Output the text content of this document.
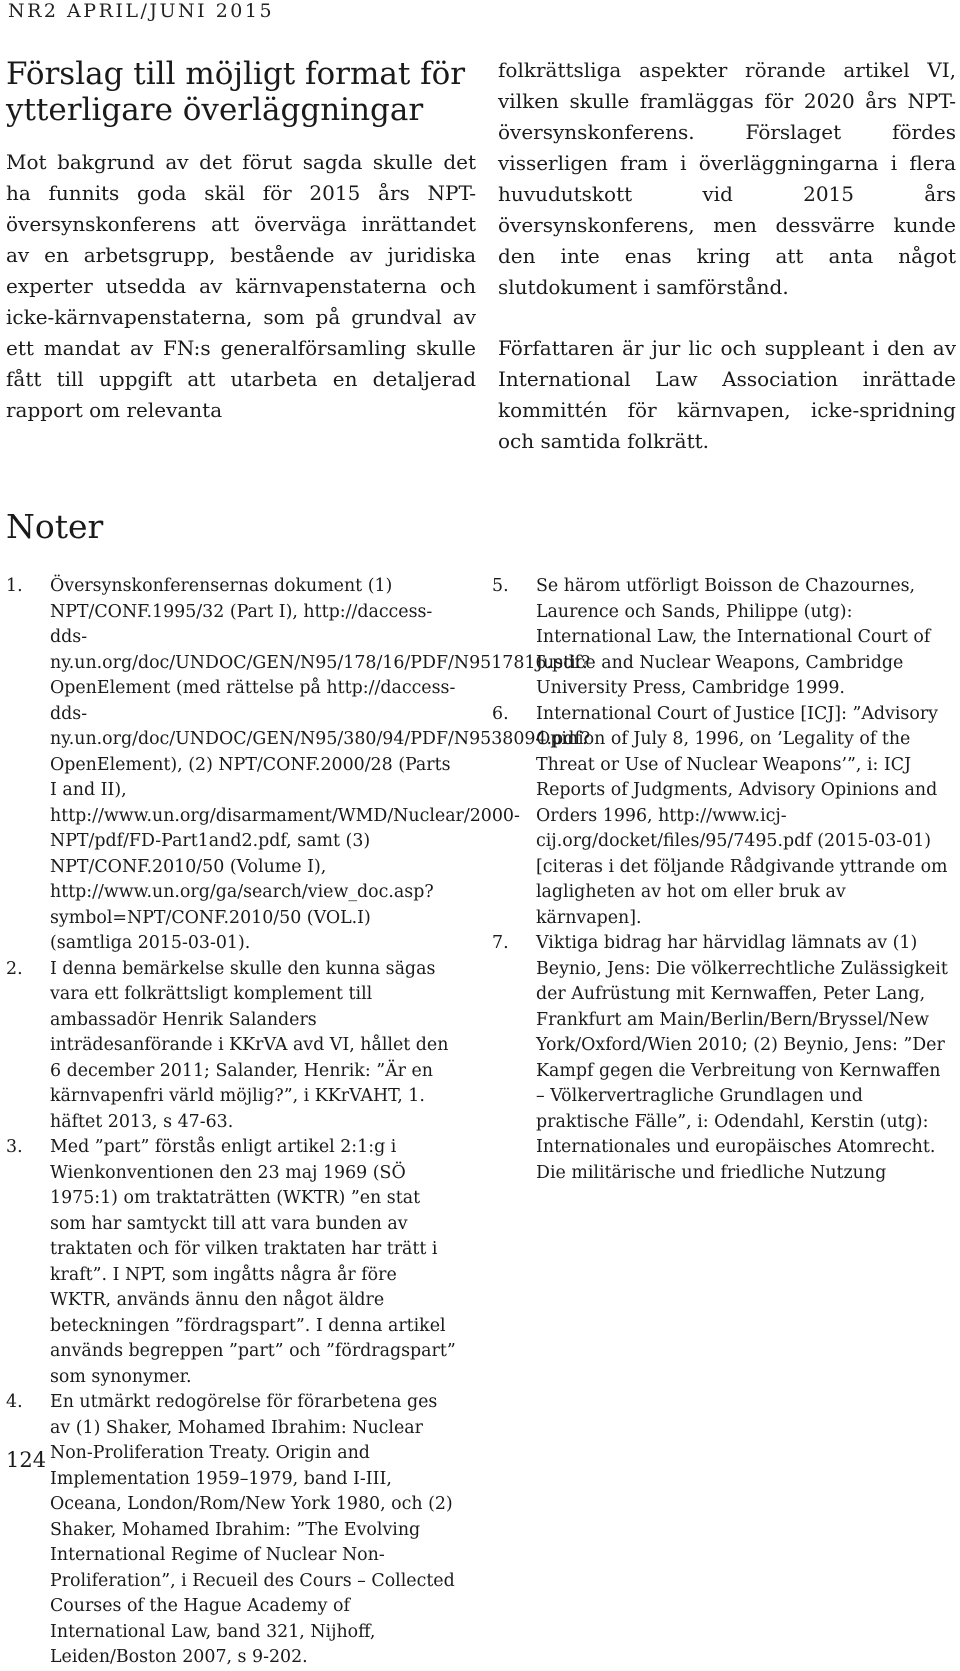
NR2 APRIL/JUNI 2015
Förslag till möjligt format för
ytterligare överläggningar

Mot bakgrund av det förut sagda skulle det ha funnits goda skäl för 2015 års NPT-översynskonferens att överväga inrättandet av en arbetsgrupp, bestående av juridiska experter utsedda av kärnvapenstaterna och icke-kärnvapenstaterna, som på grundval av ett mandat av FN:s generalförsamling skulle fått till uppgift att utarbeta en detaljerad rapport om relevanta

folkrättsliga aspekter rörande artikel VI, vilken skulle framläggas för 2020 års NPT-översynskonferens. Förslaget fördes visserligen fram i överläggningarna i flera huvudutskott vid 2015 års översynskonferens, men dessvärre kunde den inte enas kring att anta något slutdokument i samförstånd.

Författaren är jur lic och suppleant i den av International Law Association inrättade kommittén för kärnvapen, icke-spridning och samtida folkrätt.

Noter
1. Översynskonferensernas dokument (1) NPT/CONF.1995/32 (Part I), http://daccess-dds-ny.un.org/doc/UNDOC/GEN/N95/178/16/PDF/N9517816.pdf?OpenElement (med rättelse på http://daccess-dds-ny.un.org/doc/UNDOC/GEN/N95/380/94/PDF/N9538094.pdf?OpenElement), (2) NPT/CONF.2000/28 (Parts I and II), http://www.un.org/disarmament/WMD/Nuclear/2000-NPT/pdf/FD-Part1and2.pdf, samt (3) NPT/CONF.2010/50 (Volume I), http://www.un.org/ga/search/view_doc.asp?symbol=NPT/CONF.2010/50 (VOL.I) (samtliga 2015-03-01).
2. I denna bemärkelse skulle den kunna sägas vara ett folkrättsligt komplement till ambassadör Henrik Salanders inträdesanförande i KKrVA avd VI, hållet den 6 december 2011; Salander, Henrik: ”Är en kärnvapenfri värld möjlig?”, i KKrVAHT, 1. häftet 2013, s 47-63.
3. Med ”part” förstås enligt artikel 2:1:g i Wienkonventionen den 23 maj 1969 (SÖ 1975:1) om traktaträtten (WKTR) ”en stat som har samtyckt till att vara bunden av traktaten och för vilken traktaten har trätt i kraft”. I NPT, som ingåtts några år före WKTR, används ännu den något äldre beteckningen ”fördragspart”. I denna artikel används begreppen ”part” och ”fördragspart” som synonymer.
4. En utmärkt redogörelse för förarbetena ges av (1) Shaker, Mohamed Ibrahim: Nuclear Non-Proliferation Treaty. Origin and Implementation 1959–1979, band I-III, Oceana, London/Rom/New York 1980, och (2) Shaker, Mohamed Ibrahim: ”The Evolving International Regime of Nuclear Non-Proliferation”, i Recueil des Cours – Collected Courses of the Hague Academy of International Law, band 321, Nijhoff, Leiden/Boston 2007, s 9-202.
5. Se härom utförligt Boisson de Chazournes, Laurence och Sands, Philippe (utg): International Law, the International Court of Justice and Nuclear Weapons, Cambridge University Press, Cambridge 1999.
6. International Court of Justice [ICJ]: ”Advisory Opinion of July 8, 1996, on ’Legality of the Threat or Use of Nuclear Weapons’”, i: ICJ Reports of Judgments, Advisory Opinions and Orders 1996, http://www.icj-cij.org/docket/files/95/7495.pdf (2015-03-01) [citeras i det följande Rådgivande yttrande om lagligheten av hot om eller bruk av kärnvapen].
7. Viktiga bidrag har härvidlag lämnats av (1) Beynio, Jens: Die völkerrechtliche Zulässigkeit der Aufrüstung mit Kernwaffen, Peter Lang, Frankfurt am Main/Berlin/Bern/Bryssel/New York/Oxford/Wien 2010; (2) Beynio, Jens: ”Der Kampf gegen die Verbreitung von Kernwaffen – Völkervertragliche Grundlagen und praktische Fälle”, i: Odendahl, Kerstin (utg): Internationales und europäisches Atomrecht. Die militärische und friedliche Nutzung
124
